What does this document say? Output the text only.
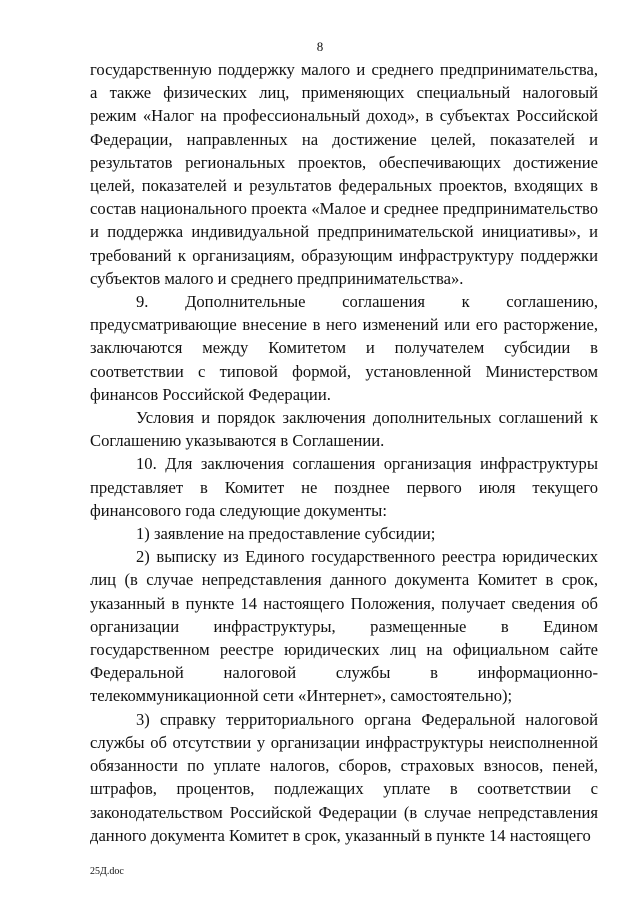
8

государственную поддержку малого и среднего предпринимательства, а также физических лиц, применяющих специальный налоговый режим «Налог на профессиональный доход», в субъектах Российской Федерации, направленных на достижение целей, показателей и результатов региональных проектов, обеспечивающих достижение целей, показателей и результатов федеральных проектов, входящих в состав национального проекта «Малое и среднее предпринимательство и поддержка индивидуальной предпринимательской инициативы», и требований к организациям, образующим инфраструктуру поддержки субъектов малого и среднего предпринимательства».

9. Дополнительные соглашения к соглашению, предусматривающие внесение в него изменений или его расторжение, заключаются между Комитетом и получателем субсидии в соответствии с типовой формой, установленной Министерством финансов Российской Федерации.

Условия и порядок заключения дополнительных соглашений к Соглашению указываются в Соглашении.

10. Для заключения соглашения организация инфраструктуры представляет в Комитет не позднее первого июля текущего финансового года следующие документы:

1) заявление на предоставление субсидии;

2) выписку из Единого государственного реестра юридических лиц (в случае непредставления данного документа Комитет в срок, указанный в пункте 14 настоящего Положения, получает сведения об организации инфраструктуры, размещенные в Едином государственном реестре юридических лиц на официальном сайте Федеральной налоговой службы в информационно-телекоммуникационной сети «Интернет», самостоятельно);

3) справку территориального органа Федеральной налоговой службы об отсутствии у организации инфраструктуры неисполненной обязанности по уплате налогов, сборов, страховых взносов, пеней, штрафов, процентов, подлежащих уплате в соответствии с законодательством Российской Федерации (в случае непредставления данного документа Комитет в срок, указанный в пункте 14 настоящего

25Д.doc
